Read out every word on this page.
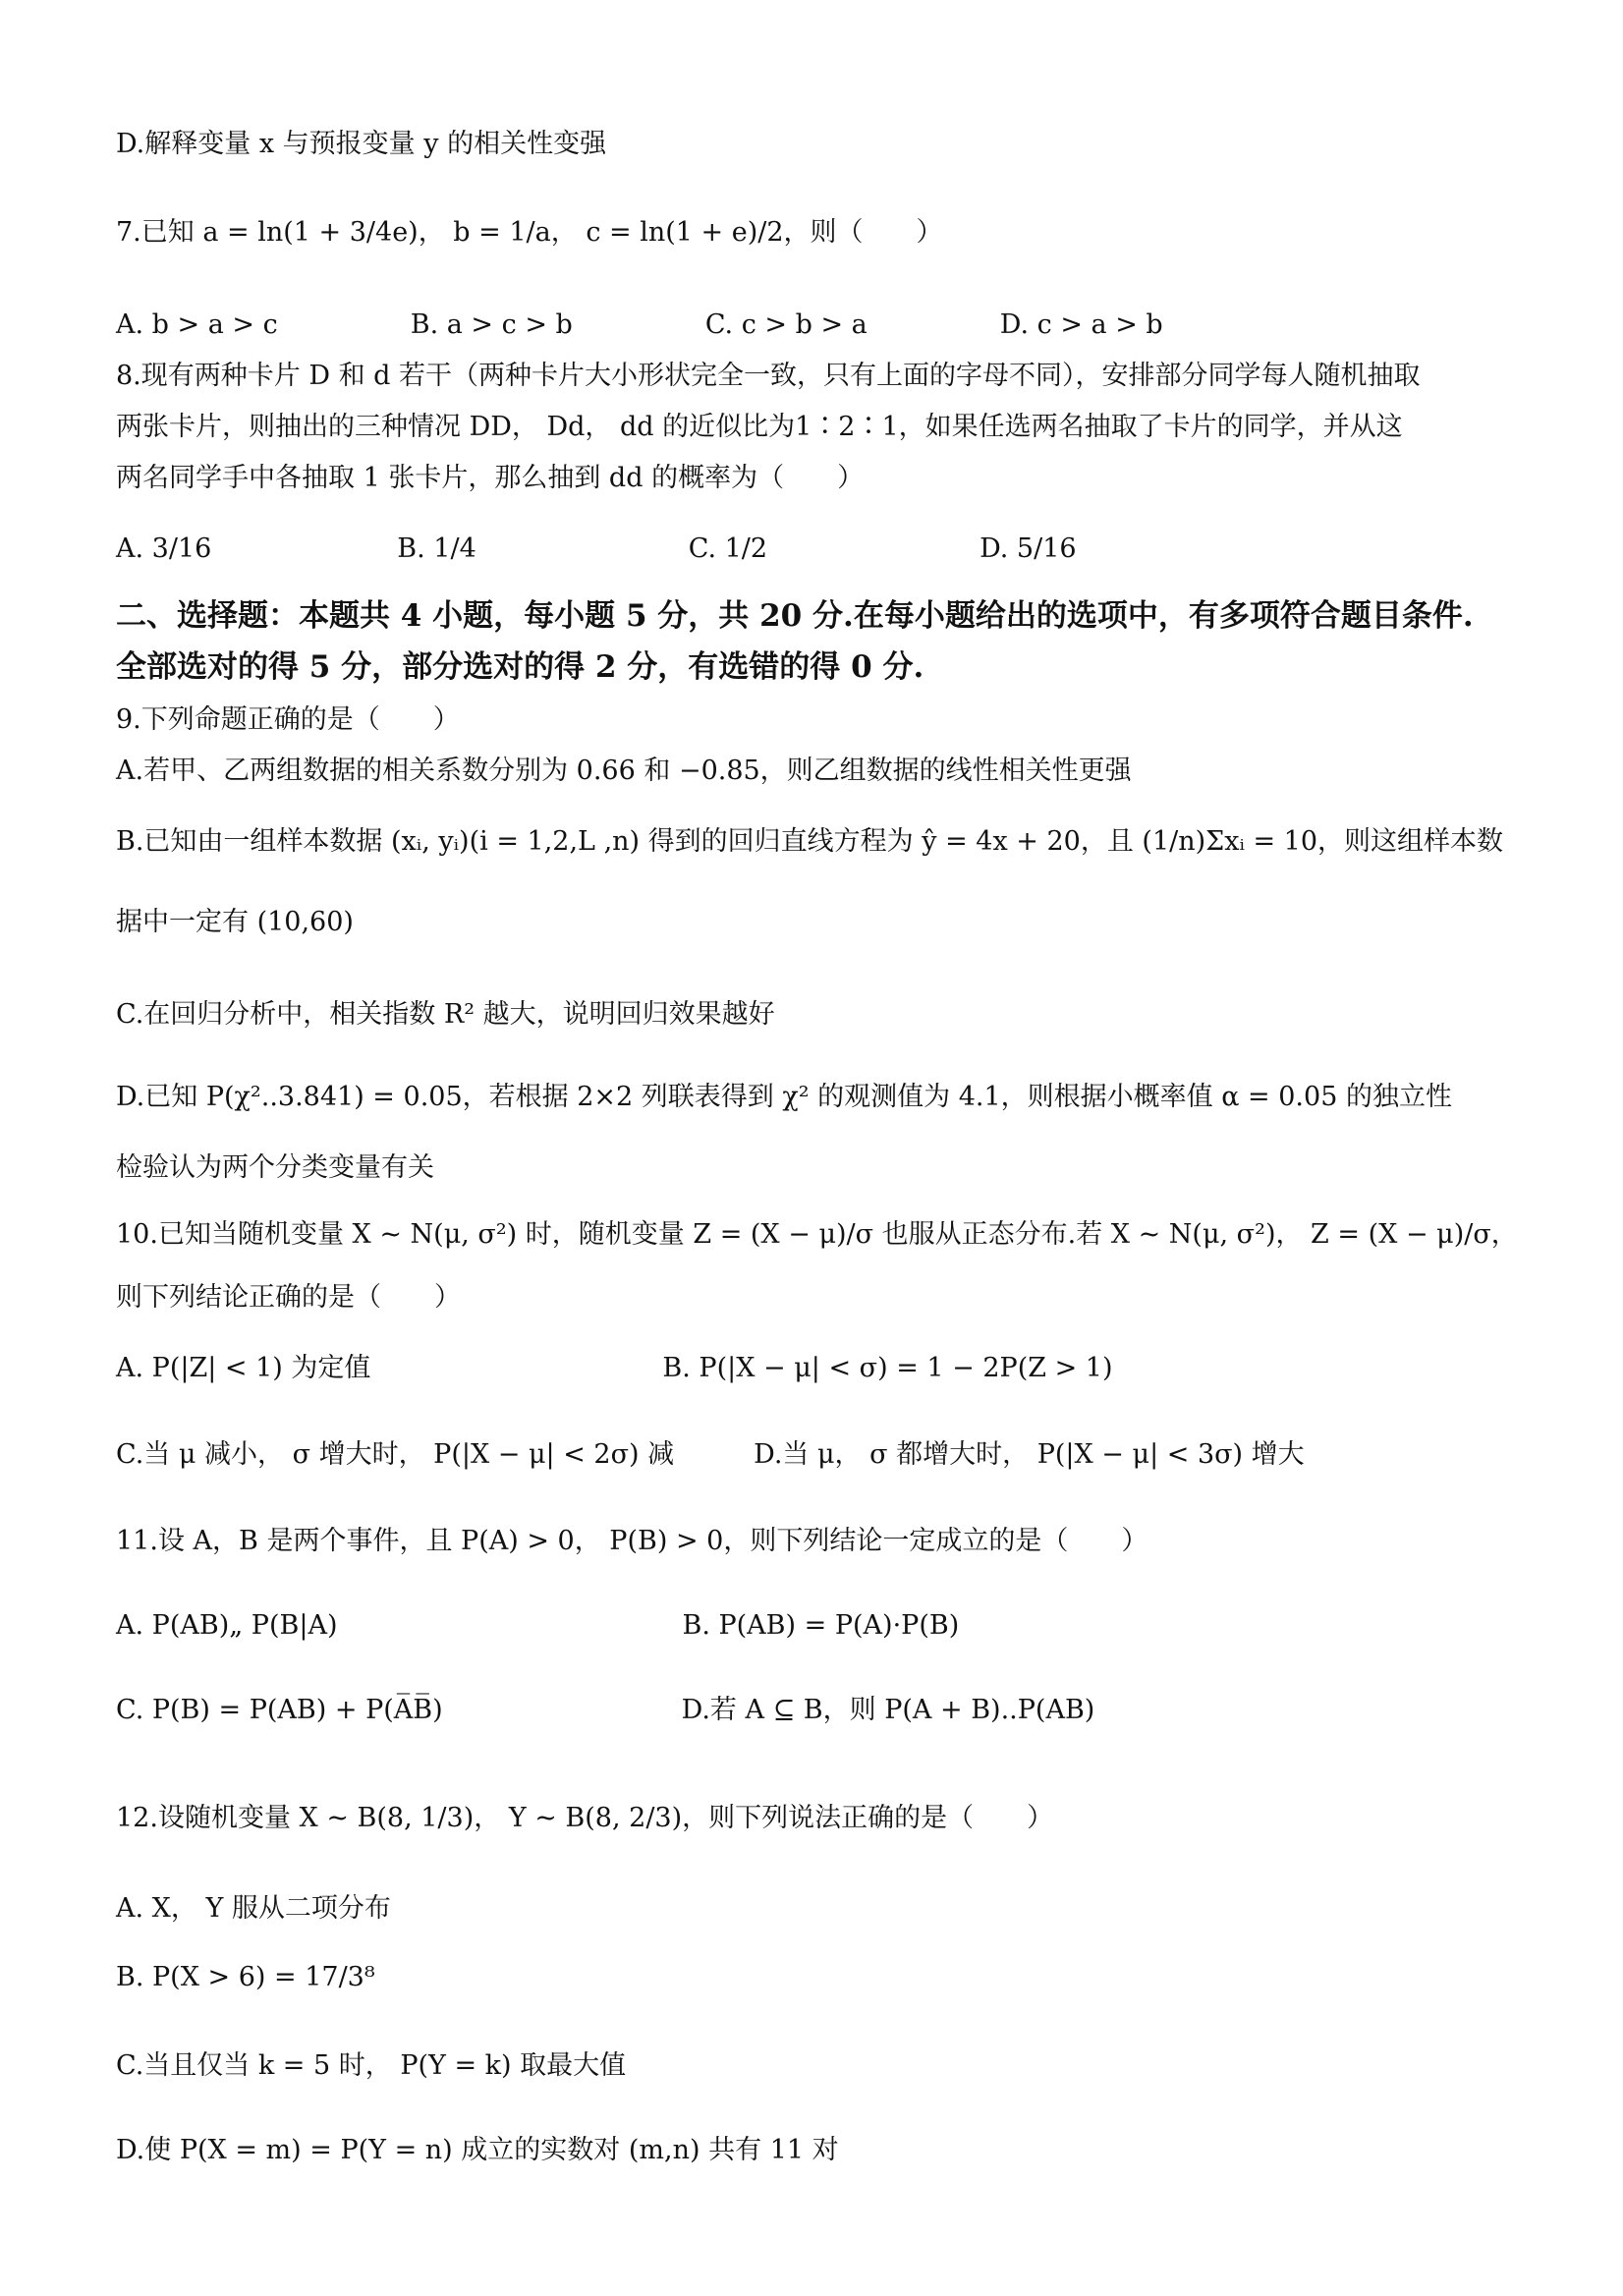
D.解释变量 x 与预报变量 y 的相关性变强
7.已知 a = ln(1 + 3/4e)， b = 1/a， c = ln(1 + e)/2，则（　　）
A. b > a > c　　　　　B. a > c > b　　　　　C. c > b > a　　　　　D. c > a > b
8.现有两种卡片 D 和 d 若干（两种卡片大小形状完全一致，只有上面的字母不同），安排部分同学每人随机抽取
两张卡片，则抽出的三种情况 DD， Dd， dd 的近似比为1∶2∶1，如果任选两名抽取了卡片的同学，并从这
两名同学手中各抽取 1 张卡片，那么抽到 dd 的概率为（　　）
A. 3/16　　　　　　　B. 1/4　　　　　　　　C. 1/2　　　　　　　　D. 5/16
二、选择题：本题共 4 小题，每小题 5 分，共 20 分.在每小题给出的选项中，有多项符合题目条件.
全部选对的得 5 分，部分选对的得 2 分，有选错的得 0 分.
9.下列命题正确的是（　　）
A.若甲、乙两组数据的相关系数分别为 0.66 和 −0.85，则乙组数据的线性相关性更强
B.已知由一组样本数据 (xᵢ, yᵢ)(i = 1,2,L ,n) 得到的回归直线方程为 ŷ = 4x + 20，且 (1/n)Σxᵢ = 10，则这组样本数
据中一定有 (10,60)
C.在回归分析中，相关指数 R² 越大，说明回归效果越好
D.已知 P(χ²..3.841) = 0.05，若根据 2×2 列联表得到 χ² 的观测值为 4.1，则根据小概率值 α = 0.05 的独立性
检验认为两个分类变量有关
10.已知当随机变量 X ~ N(μ, σ²) 时，随机变量 Z = (X − μ)/σ 也服从正态分布.若 X ~ N(μ, σ²)， Z = (X − μ)/σ，
则下列结论正确的是（　　）
A. P(|Z| < 1) 为定值　　　　　　　　　　　B. P(|X − μ| < σ) = 1 − 2P(Z > 1)
C.当 μ 减小， σ 增大时， P(|X − μ| < 2σ) 减　　　D.当 μ， σ 都增大时， P(|X − μ| < 3σ) 增大
11.设 A，B 是两个事件，且 P(A) > 0， P(B) > 0，则下列结论一定成立的是（　　）
A. P(AB)„ P(B|A)　　　　　　　　　　　　　B. P(AB) = P(A)·P(B)
C. P(B) = P(AB) + P(A̅B̅)　　　　　　　　　D.若 A ⊆ B，则 P(A + B)..P(AB)
12.设随机变量 X ~ B(8, 1/3)， Y ~ B(8, 2/3)，则下列说法正确的是（　　）
A. X， Y 服从二项分布
B. P(X > 6) = 17/3⁸
C.当且仅当 k = 5 时， P(Y = k) 取最大值
D.使 P(X = m) = P(Y = n) 成立的实数对 (m,n) 共有 11 对
